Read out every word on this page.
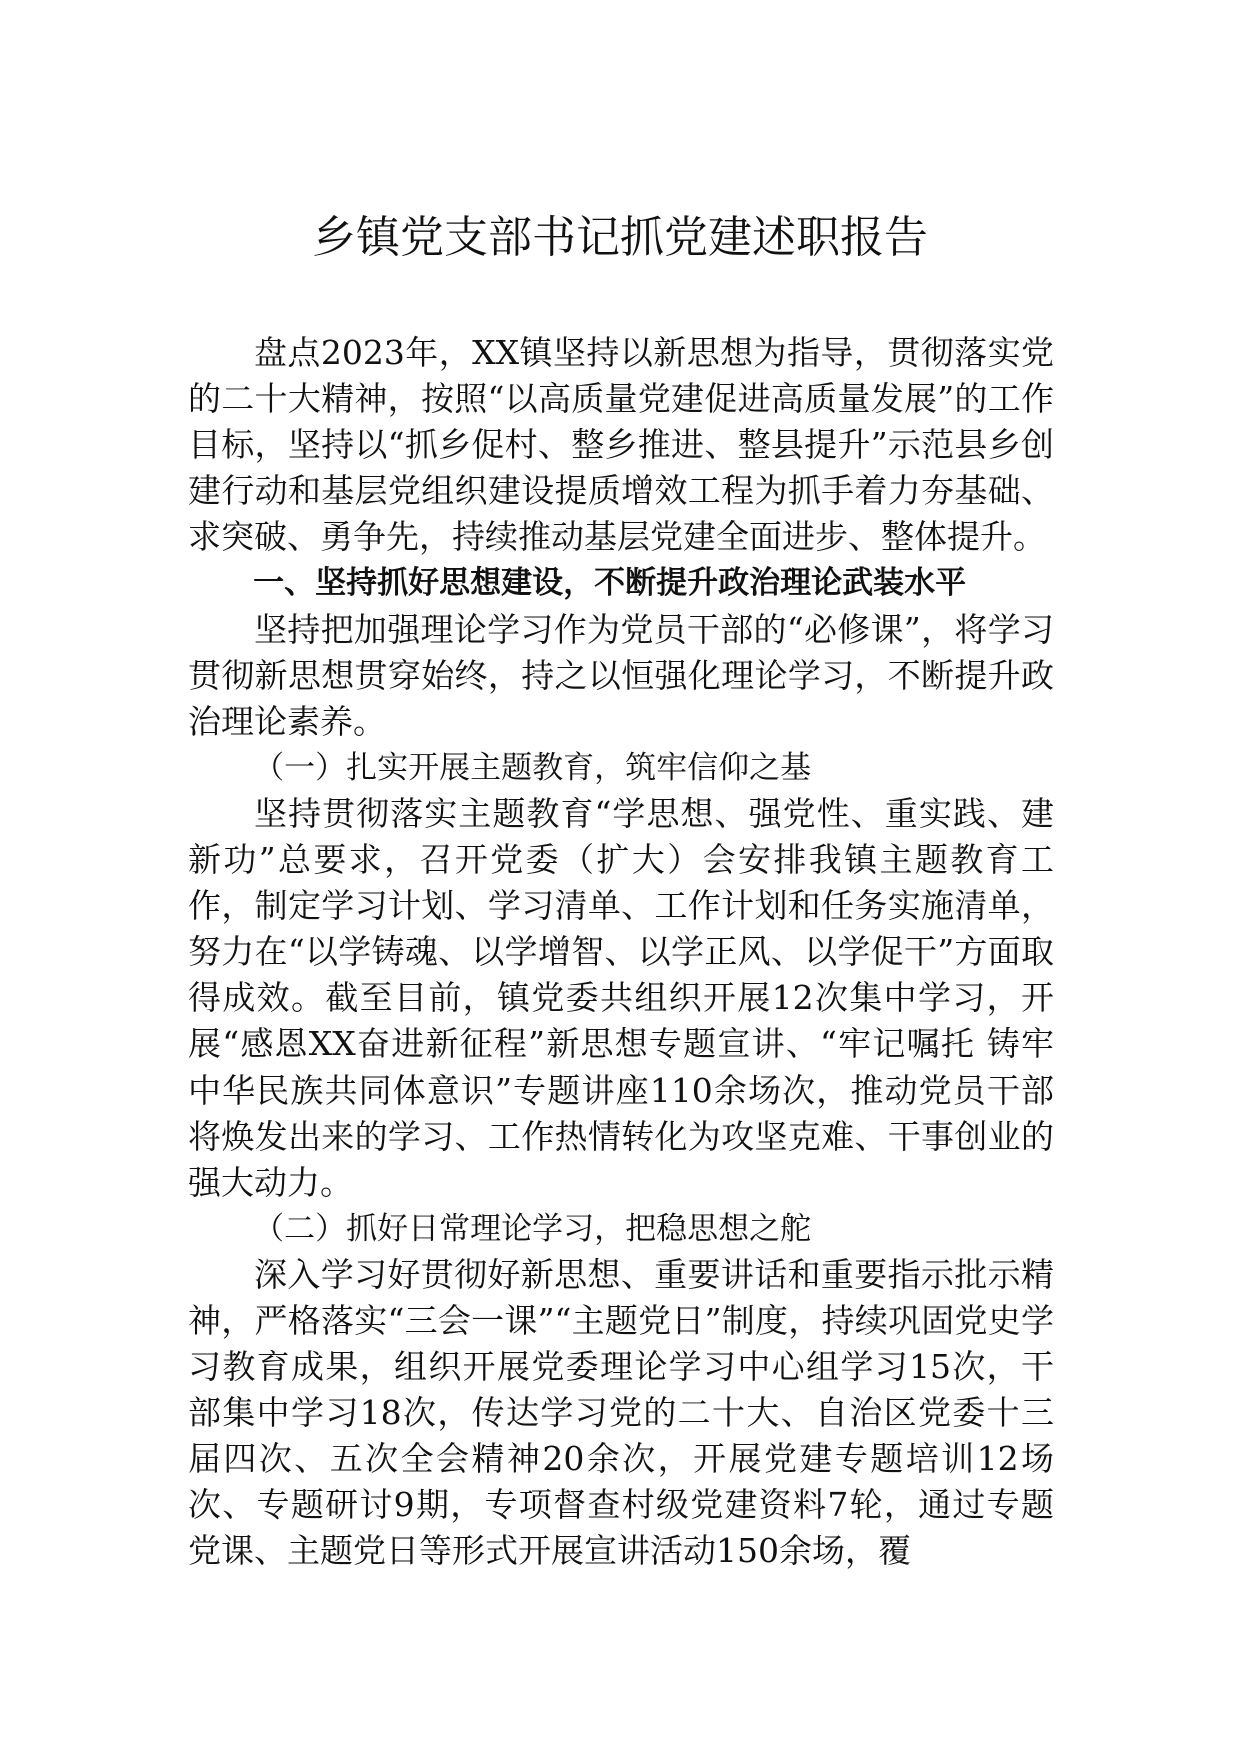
乡镇党支部书记抓党建述职报告

盘点2023年，XX镇坚持以新思想为指导，贯彻落实党的二十大精神，按照“以高质量党建促进高质量发展”的工作目标，坚持以“抓乡促村、整乡推进、整县提升”示范县乡创建行动和基层党组织建设提质增效工程为抓手着力夯基础、求突破、勇争先，持续推动基层党建全面进步、整体提升。

一、坚持抓好思想建设，不断提升政治理论武装水平

坚持把加强理论学习作为党员干部的“必修课”，将学习贯彻新思想贯穿始终，持之以恒强化理论学习，不断提升政治理论素养。

（一）扎实开展主题教育，筑牢信仰之基

坚持贯彻落实主题教育“学思想、强党性、重实践、建新功”总要求，召开党委（扩大）会安排我镇主题教育工作，制定学习计划、学习清单、工作计划和任务实施清单，努力在“以学铸魂、以学增智、以学正风、以学促干”方面取得成效。截至目前，镇党委共组织开展12次集中学习，开展“感恩XX奋进新征程”新思想专题宣讲、“牢记嘱托 铸牢中华民族共同体意识”专题讲座110余场次，推动党员干部将焕发出来的学习、工作热情转化为攻坚克难、干事创业的强大动力。

（二）抓好日常理论学习，把稳思想之舵

深入学习好贯彻好新思想、重要讲话和重要指示批示精神，严格落实“三会一课”“主题党日”制度，持续巩固党史学习教育成果，组织开展党委理论学习中心组学习15次，干部集中学习18次，传达学习党的二十大、自治区党委十三届四次、五次全会精神20余次，开展党建专题培训12场次、专题研讨9期，专项督查村级党建资料7轮，通过专题党课、主题党日等形式开展宣讲活动150余场，覆
